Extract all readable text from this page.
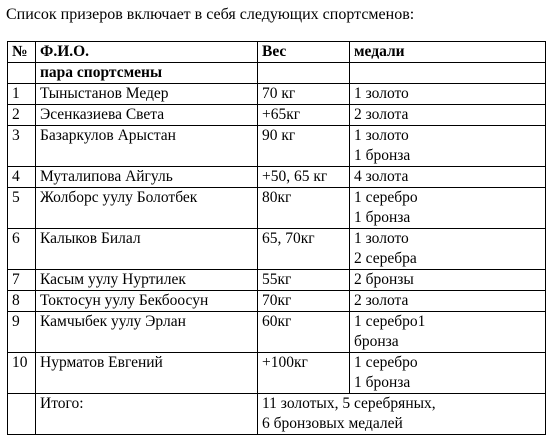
Список призеров включает в себя следующих спортсменов:
№	Ф.И.О.	Вес	медали
	пара спортсмены		
1	Тыныстанов Медер	70 кг	1 золото

2	Эсенказиева Света	+65кг	2 золота

3	Базаркулов Арыстан	90 кг	1 золото
1 бронза

4	Муталипова Айгуль	+50, 65 кг	4 золота

5	Жолборс уулу Болотбек	80кг	1 серебро
1 бронза

6	Калыков Билал	65, 70кг	1 золото
2 серебра

7	Касым уулу Нуртилек	55кг	2 бронзы

8	Токтосун уулу Бекбоосун	70кг	2 золота

9	Камчыбек уулу Эрлан	60кг	1 серебро1
бронза

10	Нурматов Евгений	+100кг	1 серебро
1 бронза

	Итого:	11 золотых, 5 серебряных,
6 бронзовых медалей	
